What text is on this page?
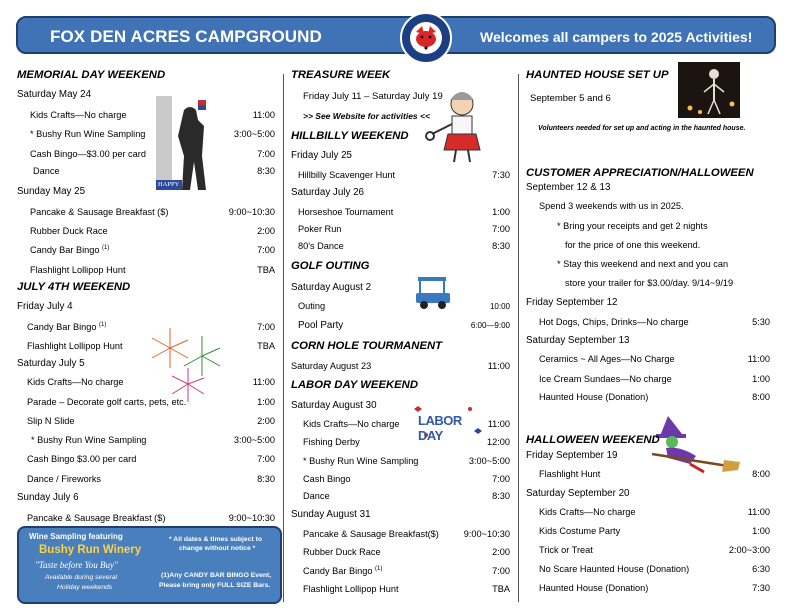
FOX DEN ACRES CAMPGROUND	Welcomes all campers to 2025 Activities!
MEMORIAL DAY WEEKEND
Saturday May 24
Kids Crafts—No charge	11:00
* Bushy Run Wine Sampling	3:00~5:00
Cash Bingo—$3.00 per card	7:00
Dance	8:30
HAPPY
Sunday May 25
Pancake & Sausage Breakfast ($)	9:00~10:30
Rubber Duck Race	2:00
Candy Bar Bingo $^{(1)}$	7:00
Flashlight Lollipop Hunt	TBA
JULY 4TH WEEKEND
Friday July 4
Candy Bar Bingo $^{(1)}$	7:00
Flashlight Lollipop Hunt	TBA
Saturday July 5
Kids Crafts—No charge	11:00
Parade – Decorate golf carts, pets, etc.	1:00
Slip N Slide	2:00
* Bushy Run Wine Sampling	3:00~5:00
Cash Bingo $3.00 per card	7:00
Dance / Fireworks	8:30
Sunday July 6
Pancake & Sausage Breakfast ($)	9:00~10:30
Wine Sampling featuring
Bushy Run Winery
"Taste before You Buy"
Available during several
Holiday weekends
* All dates & times subject to
change without notice *
(1)Any CANDY BAR BINGO Event,
Please bring only FULL SIZE Bars.
TREASURE WEEK
Friday July 11 – Saturday July 19
>> See Website for activities <<
HILLBILLY WEEKEND
Friday July 25
Hillbilly Scavenger Hunt	7:30
Saturday July 26
Horseshoe Tournament	1:00
Poker Run	7:00
80's Dance	8:30
GOLF OUTING
Saturday August 2
Outing	10:00
Pool Party	6:00—9:00
CORN HOLE TOURMANENT
Saturday August 23	11:00
LABOR DAY WEEKEND
Saturday August 30
LABOR DAY
Kids Crafts—No charge	11:00
Fishing Derby	12:00
* Bushy Run Wine Sampling	3:00~5:00
Cash Bingo	7:00
Dance	8:30
Sunday August 31
Pancake & Sausage Breakfast($)	9:00~10:30
Rubber Duck Race	2:00
Candy Bar Bingo $^{(1)}$	7:00
Flashlight Lollipop Hunt	TBA
HAUNTED HOUSE SET UP
September 5 and 6
Volunteers needed for set up and acting in the haunted house.
CUSTOMER APPRECIATION/HALLOWEEN
September 12 & 13
Spend 3 weekends with us in 2025.
* Bring your receipts and get 2 nights
for the price of one this weekend.
* Stay this weekend and next and you can
store your trailer for $3.00/day. 9/14~9/19
Friday September 12
Hot Dogs, Chips, Drinks—No charge	5:30
Saturday September 13
Ceramics ~ All Ages—No Charge	11:00
Ice Cream Sundaes—No charge	1:00
Haunted House (Donation)	8:00
HALLOWEEN WEEKEND
Friday September 19
Flashlight Hunt	8:00
Saturday September 20
Kids Crafts—No charge	11:00
Kids Costume Party	1:00
Trick or Treat	2:00~3:00
No Scare Haunted House (Donation)	6:30
Haunted House (Donation)	7:30
